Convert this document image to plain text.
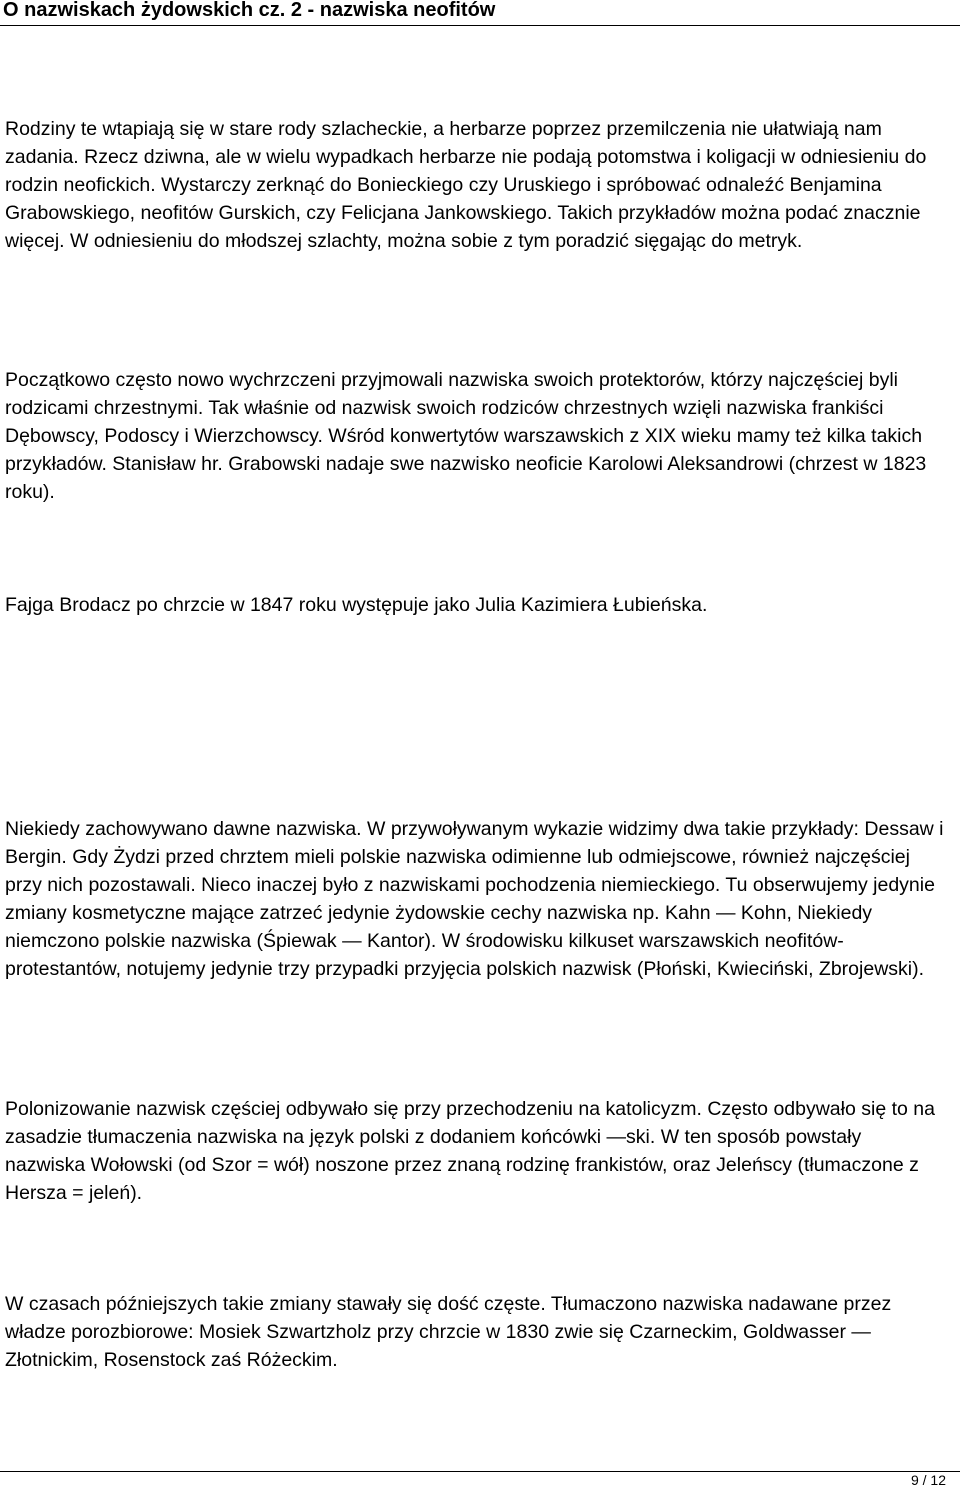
O nazwiskach żydowskich cz. 2 - nazwiska neofitów

Rodziny te wtapiają się w stare rody szlacheckie, a herbarze poprzez przemilczenia nie ułatwiają nam zadania. Rzecz dziwna, ale w wielu wypadkach herbarze nie podają potomstwa i koligacji w odniesieniu do rodzin neofickich. Wystarczy zerknąć do Bonieckiego czy Uruskiego i spróbować odnaleźć Benjamina Grabowskiego, neofitów Gurskich, czy Felicjana Jankowskiego. Takich przykładów można podać znacznie więcej. W odniesieniu do młodszej szlachty, można sobie z tym poradzić sięgając do metryk.

Początkowo często nowo wychrzczeni przyjmowali nazwiska swoich protektorów, którzy najczęściej byli rodzicami chrzestnymi. Tak właśnie od nazwisk swoich rodziców chrzestnych wzięli nazwiska frankiści Dębowscy, Podoscy i Wierzchowscy. Wśród konwertytów warszawskich z XIX wieku mamy też kilka takich przykładów. Stanisław hr. Grabowski nadaje swe nazwisko neoficie Karolowi Aleksandrowi (chrzest w 1823 roku).

Fajga Brodacz po chrzcie w 1847 roku występuje jako Julia Kazimiera Łubieńska.

Niekiedy zachowywano dawne nazwiska. W przywoływanym wykazie widzimy dwa takie przykłady: Dessaw i Bergin. Gdy Żydzi przed chrztem mieli polskie nazwiska odimienne lub odmiejscowe, również najczęściej przy nich pozostawali. Nieco inaczej było z nazwiskami pochodzenia niemieckiego. Tu obserwujemy jedynie zmiany kosmetyczne mające zatrzeć jedynie żydowskie cechy nazwiska np. Kahn — Kohn, Niekiedy niemczono polskie nazwiska (Śpiewak — Kantor). W środowisku kilkuset warszawskich neofitów-protestantów, notujemy jedynie trzy przypadki przyjęcia polskich nazwisk (Płoński, Kwieciński, Zbrojewski).

Polonizowanie nazwisk częściej odbywało się przy przechodzeniu na katolicyzm. Często odbywało się to na zasadzie tłumaczenia nazwiska na język polski z dodaniem końcówki —ski. W ten sposób powstały nazwiska Wołowski (od Szor = wół) noszone przez znaną rodzinę frankistów, oraz Jeleńscy (tłumaczone z Hersza = jeleń).

W czasach późniejszych takie zmiany stawały się dość częste. Tłumaczono nazwiska nadawane przez władze porozbiorowe: Mosiek Szwartzholz przy chrzcie w 1830 zwie się Czarneckim, Goldwasser — Złotnickim, Rosenstock zaś Różeckim.

9 / 12
